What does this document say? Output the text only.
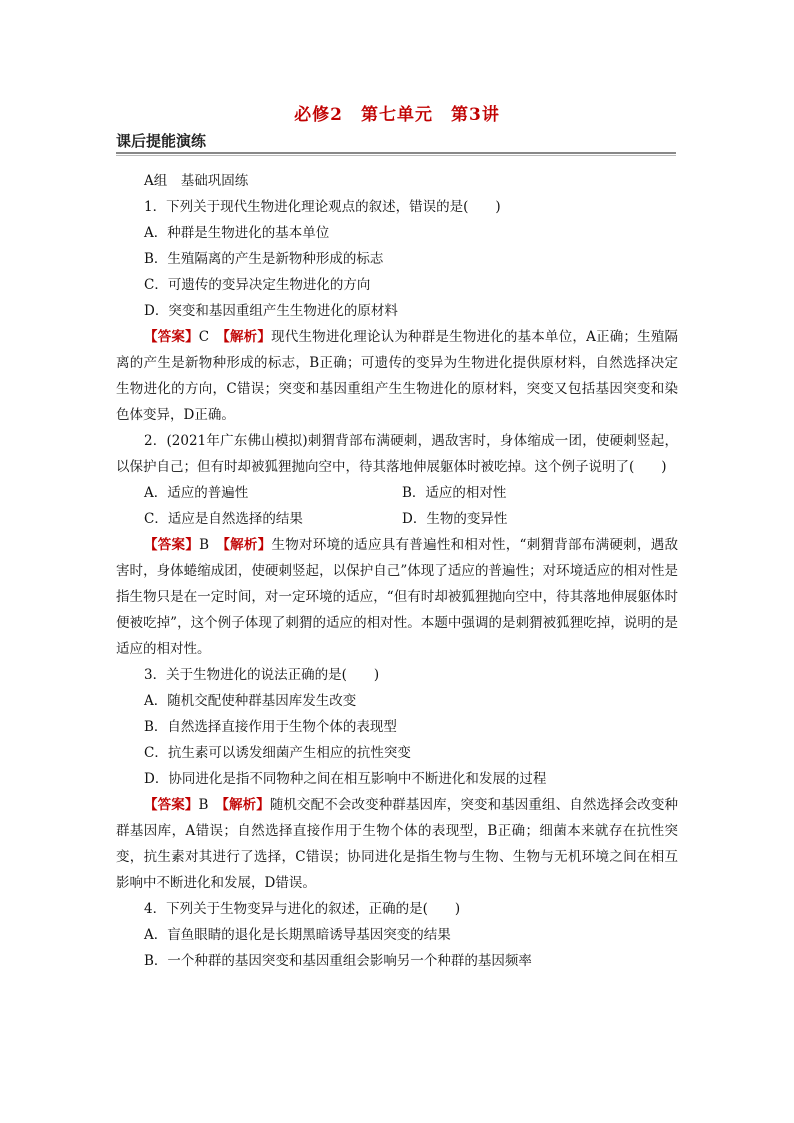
必修2　第七单元　第3讲
课后提能演练

A组　基础巩固练

1．下列关于现代生物进化理论观点的叙述，错误的是(　　)

A．种群是生物进化的基本单位

B．生殖隔离的产生是新物种形成的标志

C．可遗传的变异决定生物进化的方向

D．突变和基因重组产生生物进化的原材料

【答案】C　【解析】现代生物进化理论认为种群是生物进化的基本单位，A正确；生殖隔离的产生是新物种形成的标志，B正确；可遗传的变异为生物进化提供原材料，自然选择决定生物进化的方向，C错误；突变和基因重组产生生物进化的原材料，突变又包括基因突变和染色体变异，D正确。

2．(2021年广东佛山模拟)刺猬背部布满硬刺，遇敌害时，身体缩成一团，使硬刺竖起，以保护自己；但有时却被狐狸抛向空中，待其落地伸展躯体时被吃掉。这个例子说明了(　　)

A．适应的普遍性	B．适应的相对性
C．适应是自然选择的结果	D．生物的变异性

【答案】B　【解析】生物对环境的适应具有普遍性和相对性，“刺猬背部布满硬刺，遇敌害时，身体蜷缩成团，使硬刺竖起，以保护自己”体现了适应的普遍性；对环境适应的相对性是指生物只是在一定时间，对一定环境的适应，“但有时却被狐狸抛向空中，待其落地伸展躯体时便被吃掉”，这个例子体现了刺猬的适应的相对性。本题中强调的是刺猬被狐狸吃掉，说明的是适应的相对性。

3．关于生物进化的说法正确的是(　　)

A．随机交配使种群基因库发生改变

B．自然选择直接作用于生物个体的表现型

C．抗生素可以诱发细菌产生相应的抗性突变

D．协同进化是指不同物种之间在相互影响中不断进化和发展的过程

【答案】B　【解析】随机交配不会改变种群基因库，突变和基因重组、自然选择会改变种群基因库，A错误；自然选择直接作用于生物个体的表现型，B正确；细菌本来就存在抗性突变，抗生素对其进行了选择，C错误；协同进化是指生物与生物、生物与无机环境之间在相互影响中不断进化和发展，D错误。

4．下列关于生物变异与进化的叙述，正确的是(　　)

A．盲鱼眼睛的退化是长期黑暗诱导基因突变的结果

B．一个种群的基因突变和基因重组会影响另一个种群的基因频率
